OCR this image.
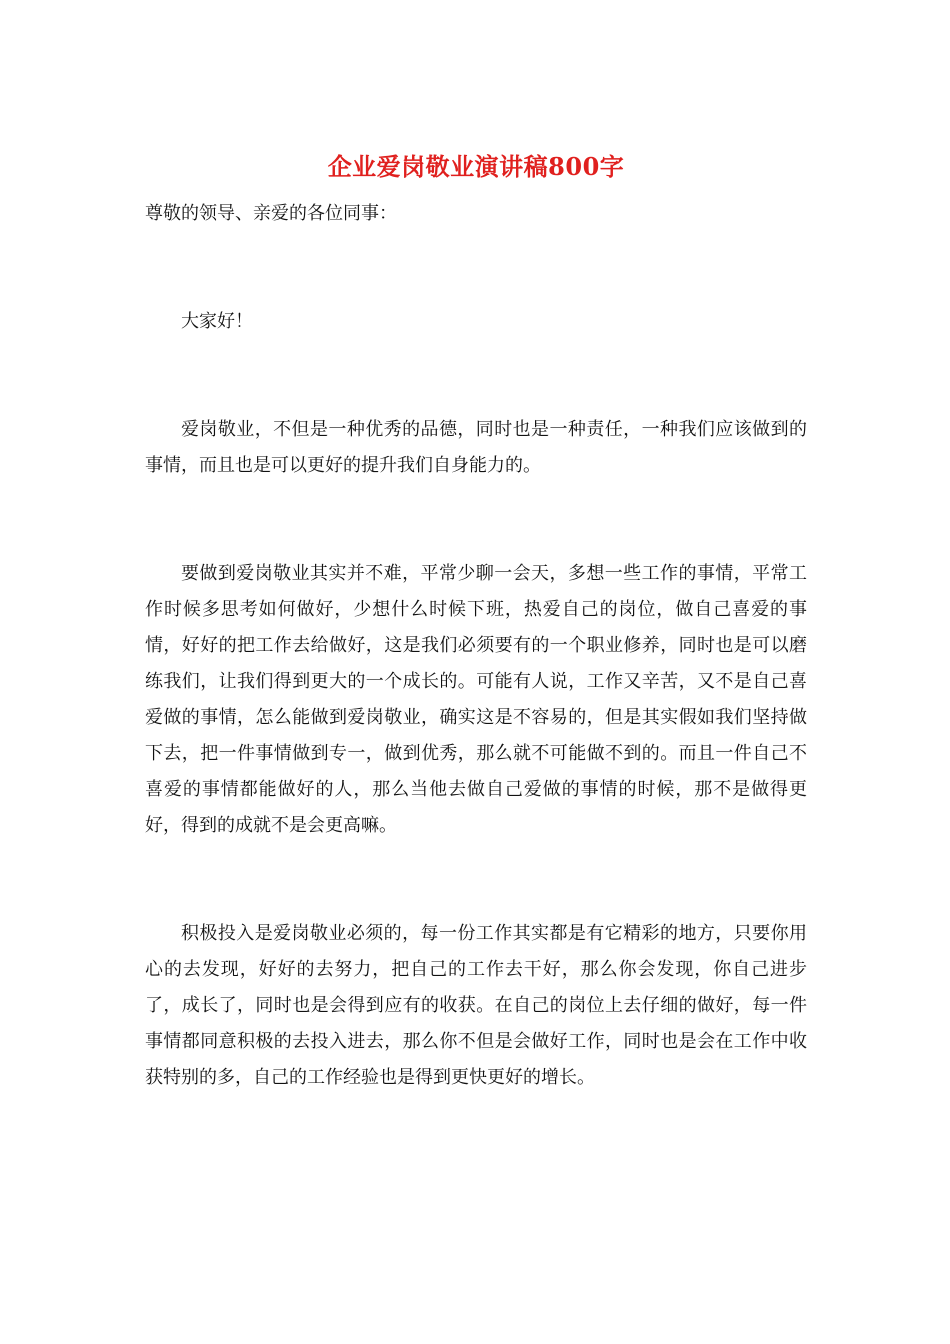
企业爱岗敬业演讲稿800字

尊敬的领导、亲爱的各位同事：

大家好！

爱岗敬业，不但是一种优秀的品德，同时也是一种责任，一种我们应该做到的事情，而且也是可以更好的提升我们自身能力的。

要做到爱岗敬业其实并不难，平常少聊一会天，多想一些工作的事情，平常工作时候多思考如何做好，少想什么时候下班，热爱自己的岗位，做自己喜爱的事情，好好的把工作去给做好，这是我们必须要有的一个职业修养，同时也是可以磨练我们，让我们得到更大的一个成长的。可能有人说，工作又辛苦，又不是自己喜爱做的事情，怎么能做到爱岗敬业，确实这是不容易的，但是其实假如我们坚持做下去，把一件事情做到专一，做到优秀，那么就不可能做不到的。而且一件自己不喜爱的事情都能做好的人，那么当他去做自己爱做的事情的时候，那不是做得更好，得到的成就不是会更高嘛。

积极投入是爱岗敬业必须的，每一份工作其实都是有它精彩的地方，只要你用心的去发现，好好的去努力，把自己的工作去干好，那么你会发现，你自己进步了，成长了，同时也是会得到应有的收获。在自己的岗位上去仔细的做好，每一件事情都同意积极的去投入进去，那么你不但是会做好工作，同时也是会在工作中收获特别的多，自己的工作经验也是得到更快更好的增长。
